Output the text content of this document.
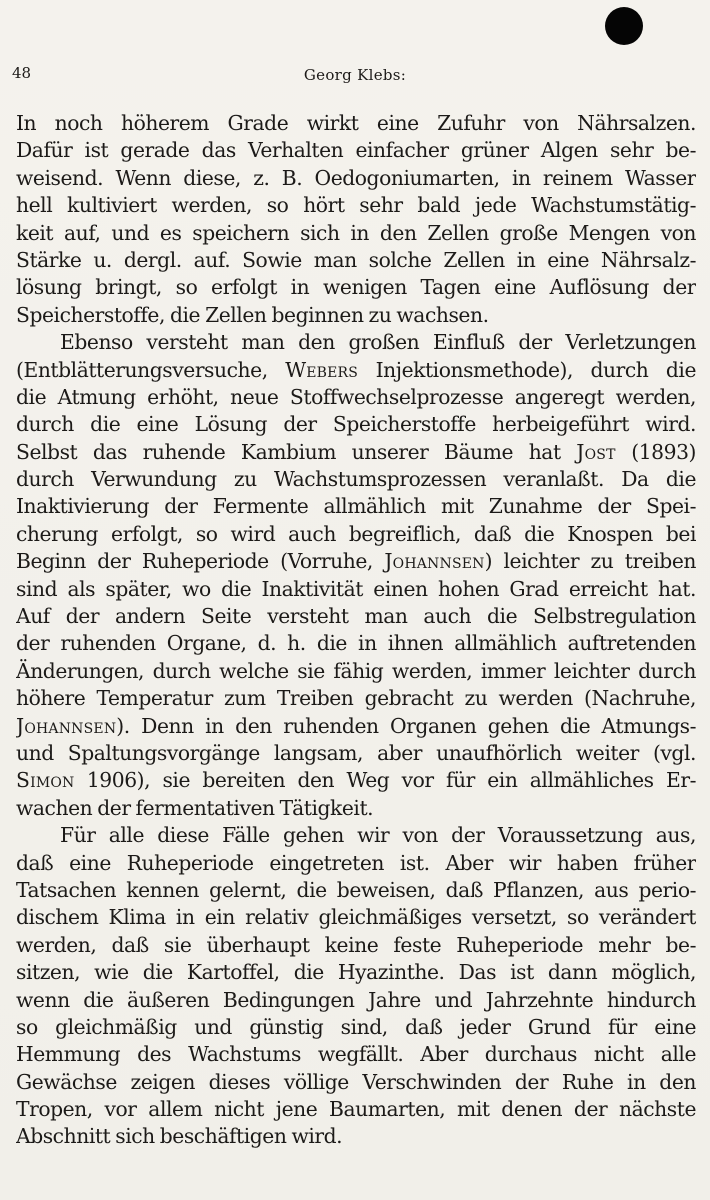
48	Georg Klebs:
In noch höherem Grade wirkt eine Zufuhr von Nährsalzen.
Dafür ist gerade das Verhalten einfacher grüner Algen sehr be-
weisend. Wenn diese, z. B. Oedogoniumarten, in reinem Wasser
hell kultiviert werden, so hört sehr bald jede Wachstumstätig-
keit auf, und es speichern sich in den Zellen große Mengen von
Stärke u. dergl. auf. Sowie man solche Zellen in eine Nährsalz-
lösung bringt, so erfolgt in wenigen Tagen eine Auflösung der
Speicherstoffe, die Zellen beginnen zu wachsen.
Ebenso versteht man den großen Einfluß der Verletzungen
(Entblätterungsversuche, Webers Injektionsmethode), durch die
die Atmung erhöht, neue Stoffwechselprozesse angeregt werden,
durch die eine Lösung der Speicherstoffe herbeigeführt wird.
Selbst das ruhende Kambium unserer Bäume hat Jost (1893)
durch Verwundung zu Wachstumsprozessen veranlaßt. Da die
Inaktivierung der Fermente allmählich mit Zunahme der Spei-
cherung erfolgt, so wird auch begreiflich, daß die Knospen bei
Beginn der Ruheperiode (Vorruhe, Johannsen) leichter zu treiben
sind als später, wo die Inaktivität einen hohen Grad erreicht hat.
Auf der andern Seite versteht man auch die Selbstregulation
der ruhenden Organe, d. h. die in ihnen allmählich auftretenden
Änderungen, durch welche sie fähig werden, immer leichter durch
höhere Temperatur zum Treiben gebracht zu werden (Nachruhe,
Johannsen). Denn in den ruhenden Organen gehen die Atmungs-
und Spaltungsvorgänge langsam, aber unaufhörlich weiter (vgl.
Simon 1906), sie bereiten den Weg vor für ein allmähliches Er-
wachen der fermentativen Tätigkeit.
Für alle diese Fälle gehen wir von der Voraussetzung aus,
daß eine Ruheperiode eingetreten ist. Aber wir haben früher
Tatsachen kennen gelernt, die beweisen, daß Pflanzen, aus perio-
dischem Klima in ein relativ gleichmäßiges versetzt, so verändert
werden, daß sie überhaupt keine feste Ruheperiode mehr be-
sitzen, wie die Kartoffel, die Hyazinthe. Das ist dann möglich,
wenn die äußeren Bedingungen Jahre und Jahrzehnte hindurch
so gleichmäßig und günstig sind, daß jeder Grund für eine
Hemmung des Wachstums wegfällt. Aber durchaus nicht alle
Gewächse zeigen dieses völlige Verschwinden der Ruhe in den
Tropen, vor allem nicht jene Baumarten, mit denen der nächste
Abschnitt sich beschäftigen wird.
